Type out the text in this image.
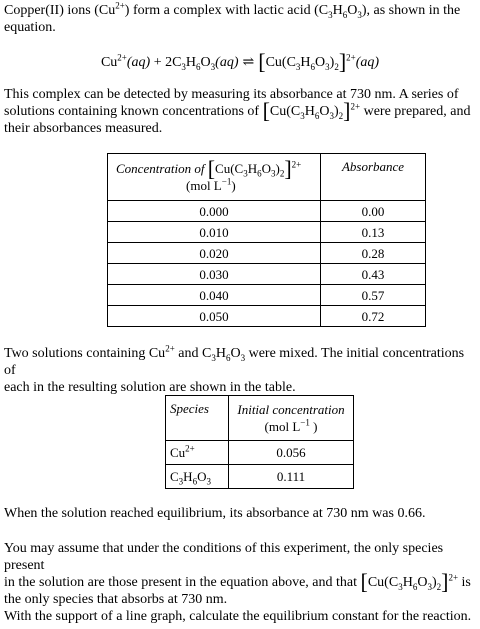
Copper(II) ions $(Cu^{2+})$ form a complex with lactic acid $(C_3H_6O_3)$, as shown in the
equation.

$Cu^{2+}(aq) + 2C_3H_6O_3(aq)$ ⇌ $[Cu(C_3H_6O_3)_2]^{2+}(aq)$

This complex can be detected by measuring its absorbance at 730 nm. A series of
solutions containing known concentrations of $[Cu(C_3H_6O_3)_2]^{2+}$ were prepared, and
their absorbances measured.

Concentration of $[Cu(C_3H_6O_3)_2]^{2+}$
(mol $L^{-1}$)	Absorbance
0.000	0.00
0.010	0.13
0.020	0.28
0.030	0.43
0.040	0.57
0.050	0.72

Two solutions containing $Cu^{2+}$ and $C_3H_6O_3$ were mixed. The initial concentrations of
each in the resulting solution are shown in the table.

Species	Initial concentration
(mol $L^{-1}$ )
$Cu^{2+}$	0.056
$C_3H_6O_3$	0.111

When the solution reached equilibrium, its absorbance at 730 nm was 0.66.

You may assume that under the conditions of this experiment, the only species present
in the solution are those present in the equation above, and that $[Cu(C_3H_6O_3)_2]^{2+}$ is
the only species that absorbs at 730 nm.

With the support of a line graph, calculate the equilibrium constant for the reaction.
